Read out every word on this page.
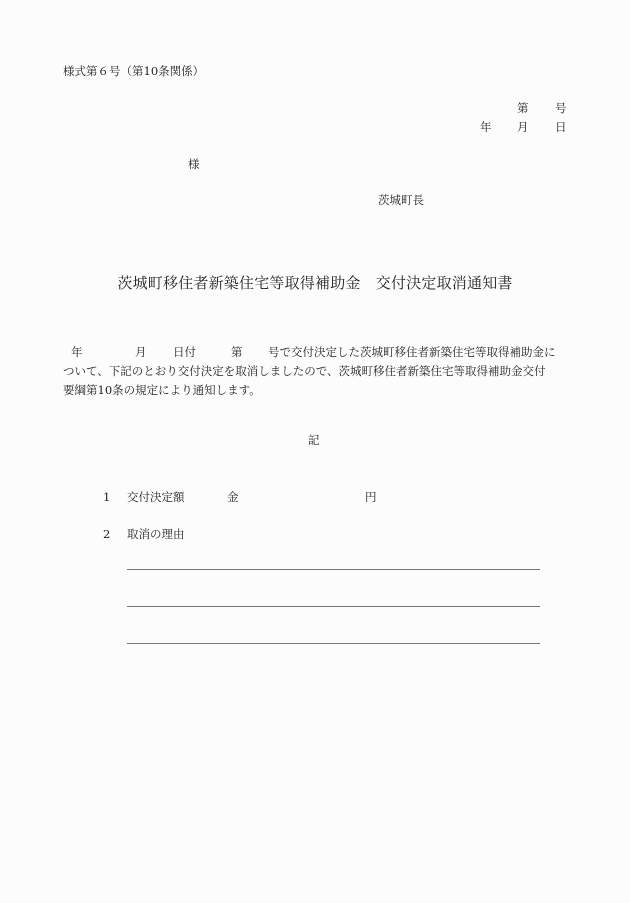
様式第６号（第10条関係）
第 号
年 月 日
様
茨城町長
茨城町移住者新築住宅等取得補助金　交付決定取消通知書
年	月 日付	第 号で交付決定した茨城町移住者新築住宅等取得補助金に

ついて、下記のとおり交付決定を取消しましたので、茨城町移住者新築住宅等取得補助金交付
要綱第10条の規定により通知します。
記
1 交付決定額	金	円
2 取消の理由
